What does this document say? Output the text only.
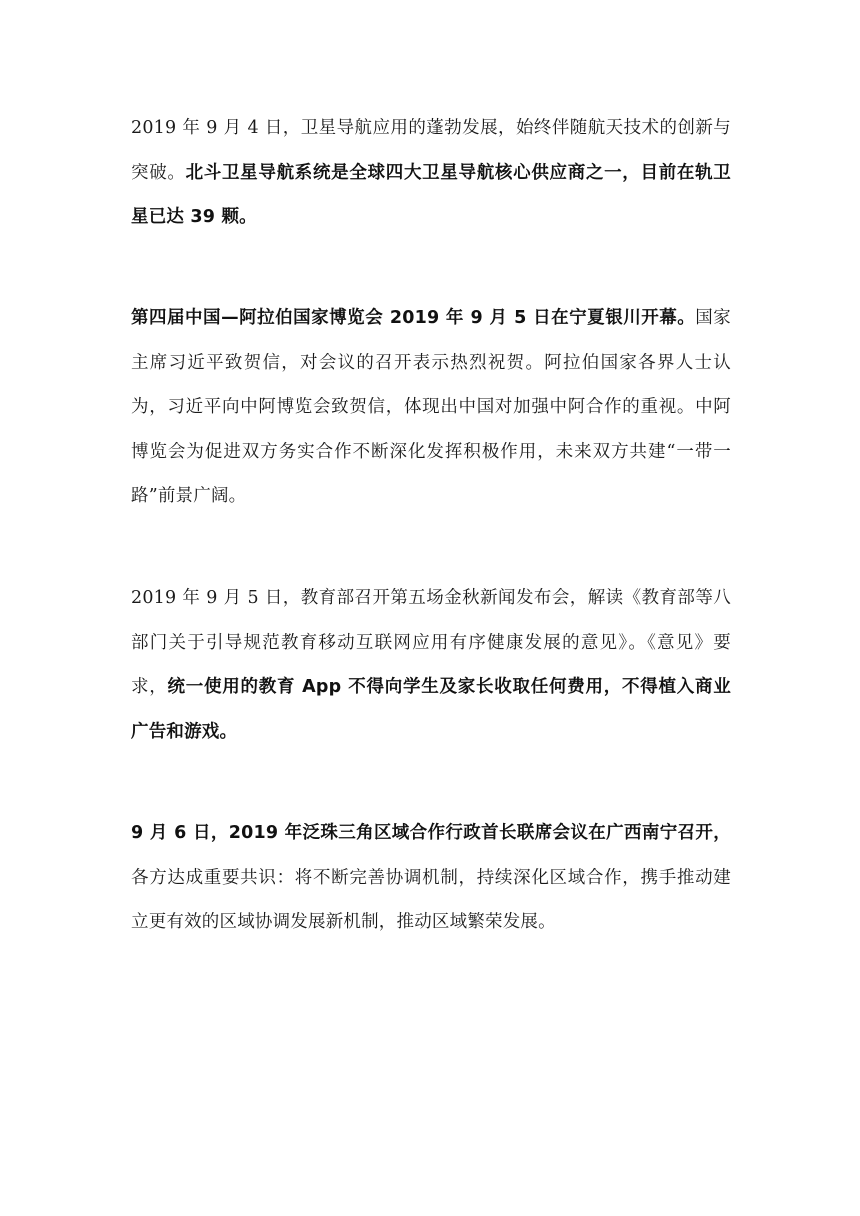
2019 年 9 月 4 日，卫星导航应用的蓬勃发展，始终伴随航天技术的创新与突破。北斗卫星导航系统是全球四大卫星导航核心供应商之一，目前在轨卫星已达 39 颗。

第四届中国—阿拉伯国家博览会 2019 年 9 月 5 日在宁夏银川开幕。国家主席习近平致贺信，对会议的召开表示热烈祝贺。阿拉伯国家各界人士认为，习近平向中阿博览会致贺信，体现出中国对加强中阿合作的重视。中阿博览会为促进双方务实合作不断深化发挥积极作用，未来双方共建“一带一路”前景广阔。

2019 年 9 月 5 日，教育部召开第五场金秋新闻发布会，解读《教育部等八部门关于引导规范教育移动互联网应用有序健康发展的意见》。《意见》要求，统一使用的教育 App 不得向学生及家长收取任何费用，不得植入商业广告和游戏。

9 月 6 日，2019 年泛珠三角区域合作行政首长联席会议在广西南宁召开，各方达成重要共识：将不断完善协调机制，持续深化区域合作，携手推动建立更有效的区域协调发展新机制，推动区域繁荣发展。
